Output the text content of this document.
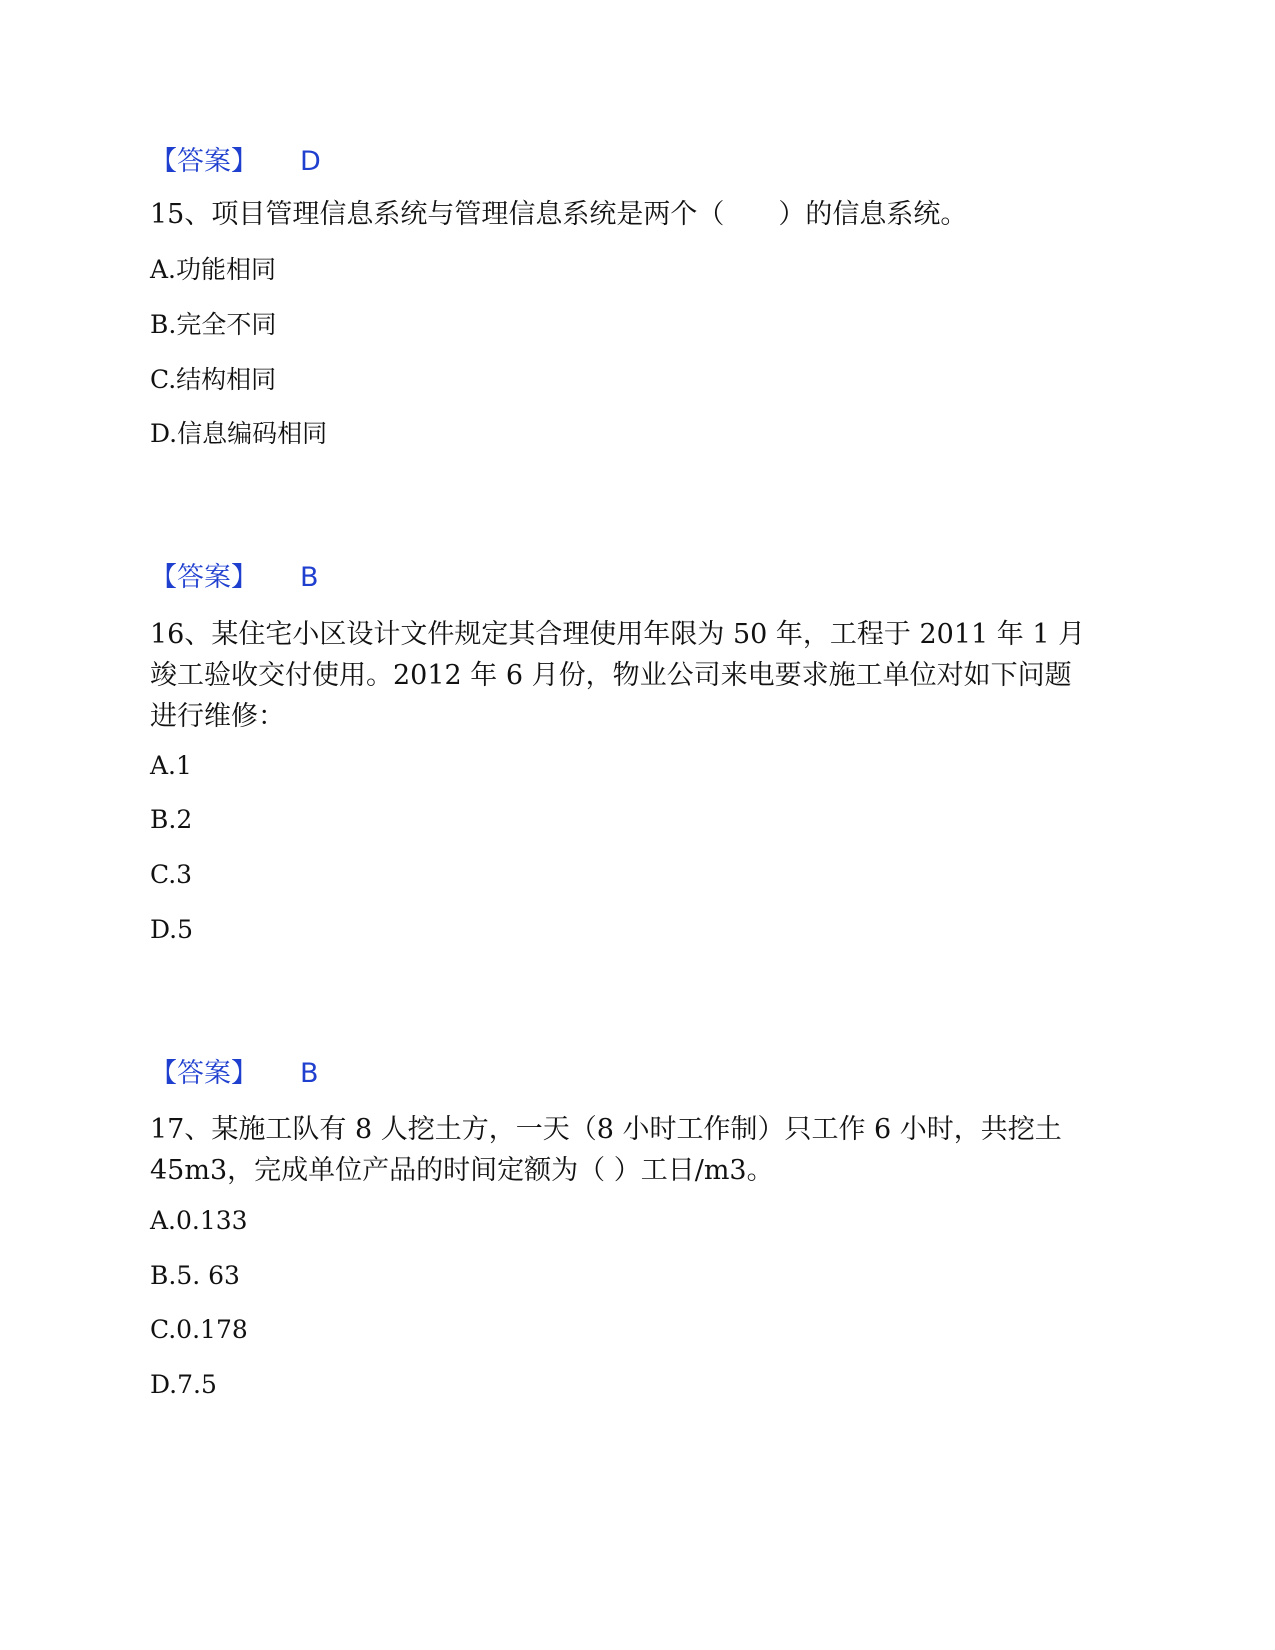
【答案】 D
15、项目管理信息系统与管理信息系统是两个（　　）的信息系统。
A.功能相同
B.完全不同
C.结构相同
D.信息编码相同
【答案】 B
16、某住宅小区设计文件规定其合理使用年限为 50 年，工程于 2011 年 1 月竣工验收交付使用。2012 年 6 月份，物业公司来电要求施工单位对如下问题进行维修：
A.1
B.2
C.3
D.5
【答案】 B
17、某施工队有 8 人挖土方，一天（8 小时工作制）只工作 6 小时，共挖土 45m3，完成单位产品的时间定额为（ ）工日/m3。
A.0.133
B.5. 63
C.0.178
D.7.5
